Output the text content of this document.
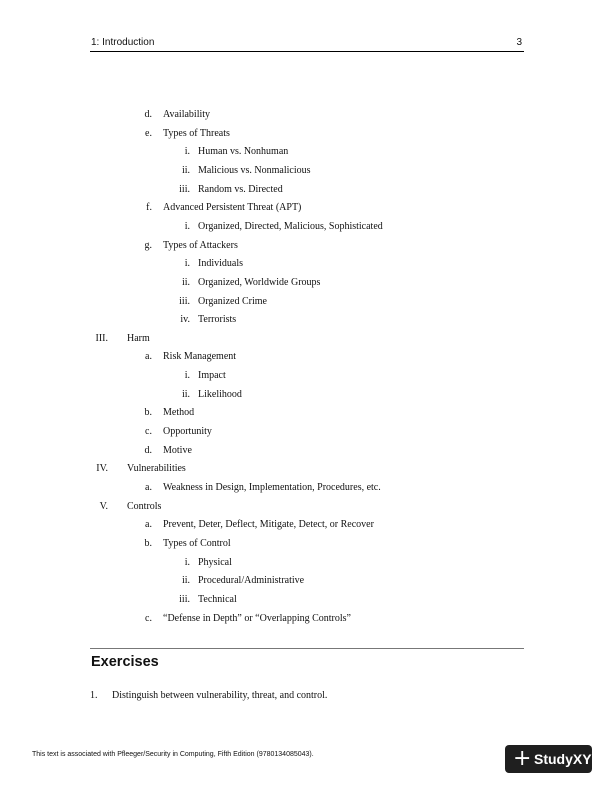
1: Introduction	3
d. Availability
e. Types of Threats
i. Human vs. Nonhuman
ii. Malicious vs. Nonmalicious
iii. Random vs. Directed
f. Advanced Persistent Threat (APT)
i. Organized, Directed, Malicious, Sophisticated
g. Types of Attackers
i. Individuals
ii. Organized, Worldwide Groups
iii. Organized Crime
iv. Terrorists
III. Harm
a. Risk Management
i. Impact
ii. Likelihood
b. Method
c. Opportunity
d. Motive
IV. Vulnerabilities
a. Weakness in Design, Implementation, Procedures, etc.
V. Controls
a. Prevent, Deter, Deflect, Mitigate, Detect, or Recover
b. Types of Control
i. Physical
ii. Procedural/Administrative
iii. Technical
c. “Defense in Depth” or “Overlapping Controls”
Exercises
1. Distinguish between vulnerability, threat, and control.
This text is associated with Pfleeger/Security in Computing, Fifth Edition (9780134085043).	+ StudyXY
